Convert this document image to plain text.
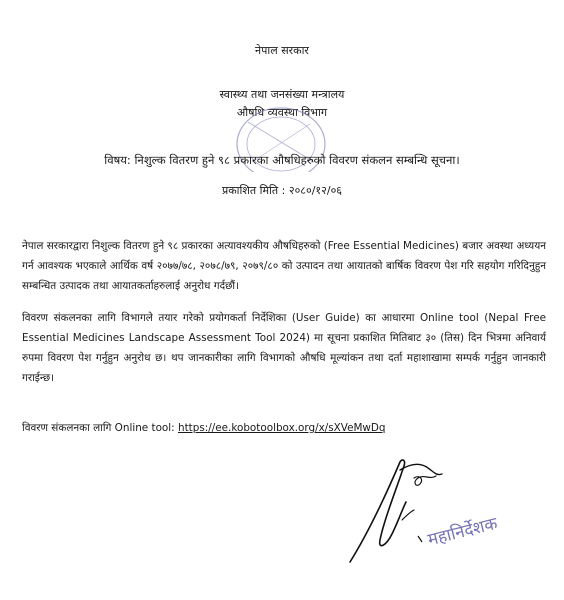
नेपाल सरकार
स्वास्थ्य तथा जनसंख्या मन्त्रालय
औषधि व्यवस्था विभाग
विषय: निशुल्क वितरण हुने ९८ प्रकारका औषधिहरुको विवरण संकलन सम्बन्धि सूचना।
प्रकाशित मिति : २०८०/१२/०६

नेपाल सरकारद्वारा निशुल्क वितरण हुने ९८ प्रकारका अत्यावश्यकीय औषधिहरुको (Free Essential Medicines) बजार अवस्था अध्ययन गर्न आवश्यक भएकाले आर्थिक वर्ष २०७७/७८, २०७८/७९, २०७९/८० को उत्पादन तथा आयातको बार्षिक विवरण पेश गरि सहयोग गरिदिनुहुन सम्बन्धित उत्पादक तथा आयातकर्ताहरुलाई अनुरोध गर्दछौं।

विवरण संकलनका लागि विभागले तयार गरेको प्रयोगकर्ता निर्देशिका (User Guide) का आधारमा Online tool (Nepal Free Essential Medicines Landscape Assessment Tool 2024) मा सूचना प्रकाशित मितिबाट ३० (तिस) दिन भित्रमा अनिवार्य रुपमा विवरण पेश गर्नुहुन अनुरोध छ। थप जानकारीका लागि विभागको औषधि मूल्यांकन तथा दर्ता महाशाखामा सम्पर्क गर्नुहुन जानकारी गराईन्छ।

विवरण संकलनका लागि Online tool: https://ee.kobotoolbox.org/x/sXVeMwDq
महानिर्देशक
